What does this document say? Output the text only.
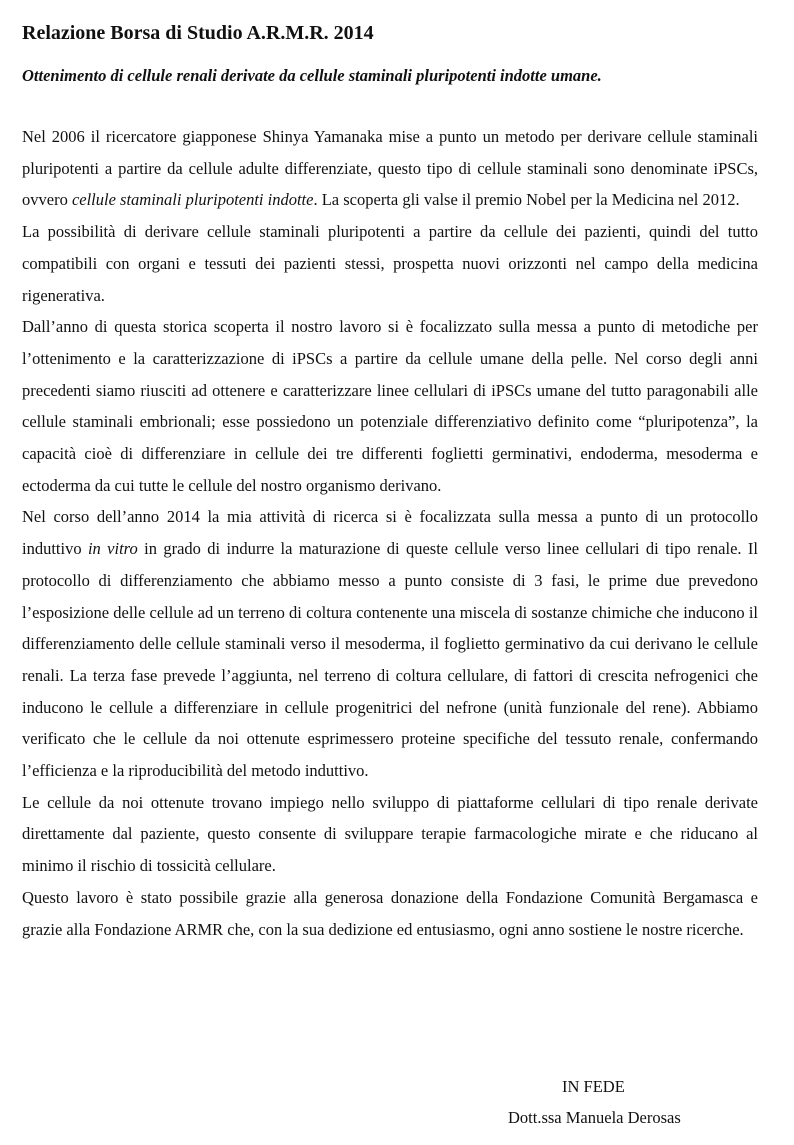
Relazione Borsa di Studio A.R.M.R. 2014
Ottenimento di cellule renali derivate da cellule staminali pluripotenti indotte umane.

Nel 2006 il ricercatore giapponese Shinya Yamanaka mise a punto un metodo per derivare cellule staminali pluripotenti a partire da cellule adulte differenziate, questo tipo di cellule staminali sono denominate iPSCs, ovvero cellule staminali pluripotenti indotte. La scoperta gli valse il premio Nobel per la Medicina nel 2012.

La possibilità di derivare cellule staminali pluripotenti a partire da cellule dei pazienti, quindi del tutto compatibili con organi e tessuti dei pazienti stessi, prospetta nuovi orizzonti nel campo della medicina rigenerativa.

Dall’anno di questa storica scoperta il nostro lavoro si è focalizzato sulla messa a punto di metodiche per l’ottenimento e la caratterizzazione di iPSCs a partire da cellule umane della pelle. Nel corso degli anni precedenti siamo riusciti ad ottenere e caratterizzare linee cellulari di iPSCs umane del tutto paragonabili alle cellule staminali embrionali; esse possiedono un potenziale differenziativo definito come “pluripotenza”, la capacità cioè di differenziare in cellule dei tre differenti foglietti germinativi, endoderma, mesoderma e ectoderma da cui tutte le cellule del nostro organismo derivano.

Nel corso dell’anno 2014 la mia attività di ricerca si è focalizzata sulla messa a punto di un protocollo induttivo in vitro in grado di indurre la maturazione di queste cellule verso linee cellulari di tipo renale. Il protocollo di differenziamento che abbiamo messo a punto consiste di 3 fasi, le prime due prevedono l’esposizione delle cellule ad un terreno di coltura contenente una miscela di sostanze chimiche che inducono il differenziamento delle cellule staminali verso il mesoderma, il foglietto germinativo da cui derivano le cellule renali. La terza fase prevede l’aggiunta, nel terreno di coltura cellulare, di fattori di crescita nefrogenici che inducono le cellule a differenziare in cellule progenitrici del nefrone (unità funzionale del rene). Abbiamo verificato che le cellule da noi ottenute esprimessero proteine specifiche del tessuto renale, confermando l’efficienza e la riproducibilità del metodo induttivo.

Le cellule da noi ottenute trovano impiego nello sviluppo di piattaforme cellulari di tipo renale derivate direttamente dal paziente, questo consente di sviluppare terapie farmacologiche mirate e che riducano al minimo il rischio di tossicità cellulare.

Questo lavoro è stato possibile grazie alla generosa donazione della Fondazione Comunità Bergamasca e grazie alla Fondazione ARMR che, con la sua dedizione ed entusiasmo, ogni anno sostiene le nostre ricerche.

IN FEDE
Dott.ssa Manuela Derosas
